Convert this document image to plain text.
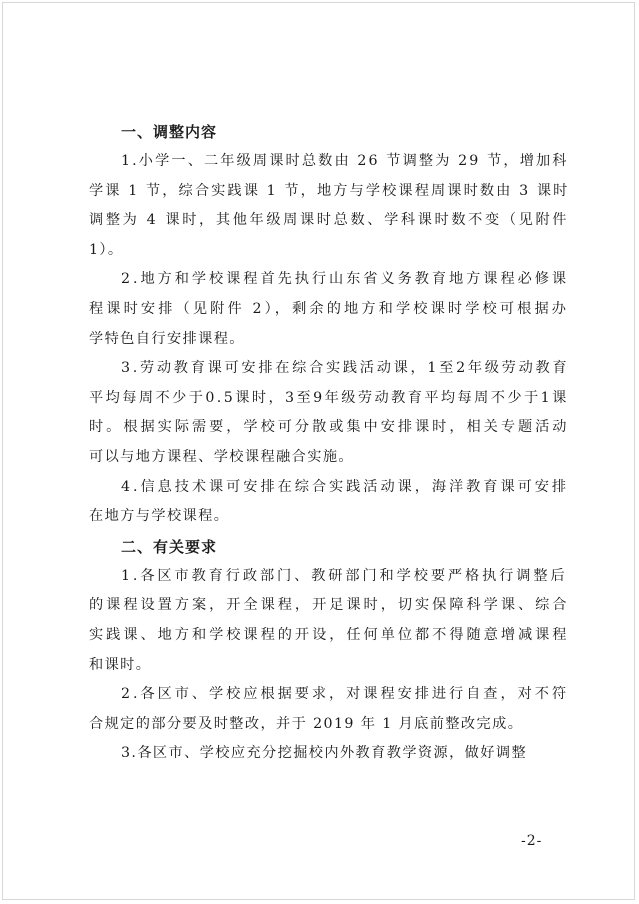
一、调整内容
1.小学一、二年级周课时总数由 26 节调整为 29 节，增加科
学课 1 节，综合实践课 1 节，地方与学校课程周课时数由 3 课时
调整为 4 课时，其他年级周课时总数、学科课时数不变（见附件
1）。
2.地方和学校课程首先执行山东省义务教育地方课程必修课
程课时安排（见附件 2），剩余的地方和学校课时学校可根据办
学特色自行安排课程。
3.劳动教育课可安排在综合实践活动课，1至2年级劳动教育
平均每周不少于0.5课时，3至9年级劳动教育平均每周不少于1课
时。根据实际需要，学校可分散或集中安排课时，相关专题活动
可以与地方课程、学校课程融合实施。
4.信息技术课可安排在综合实践活动课，海洋教育课可安排
在地方与学校课程。
二、有关要求
1.各区市教育行政部门、教研部门和学校要严格执行调整后
的课程设置方案，开全课程，开足课时，切实保障科学课、综合
实践课、地方和学校课程的开设，任何单位都不得随意增减课程
和课时。
2.各区市、学校应根据要求，对课程安排进行自查，对不符
合规定的部分要及时整改，并于 2019 年 1 月底前整改完成。
3.各区市、学校应充分挖掘校内外教育教学资源，做好调整
-2-
